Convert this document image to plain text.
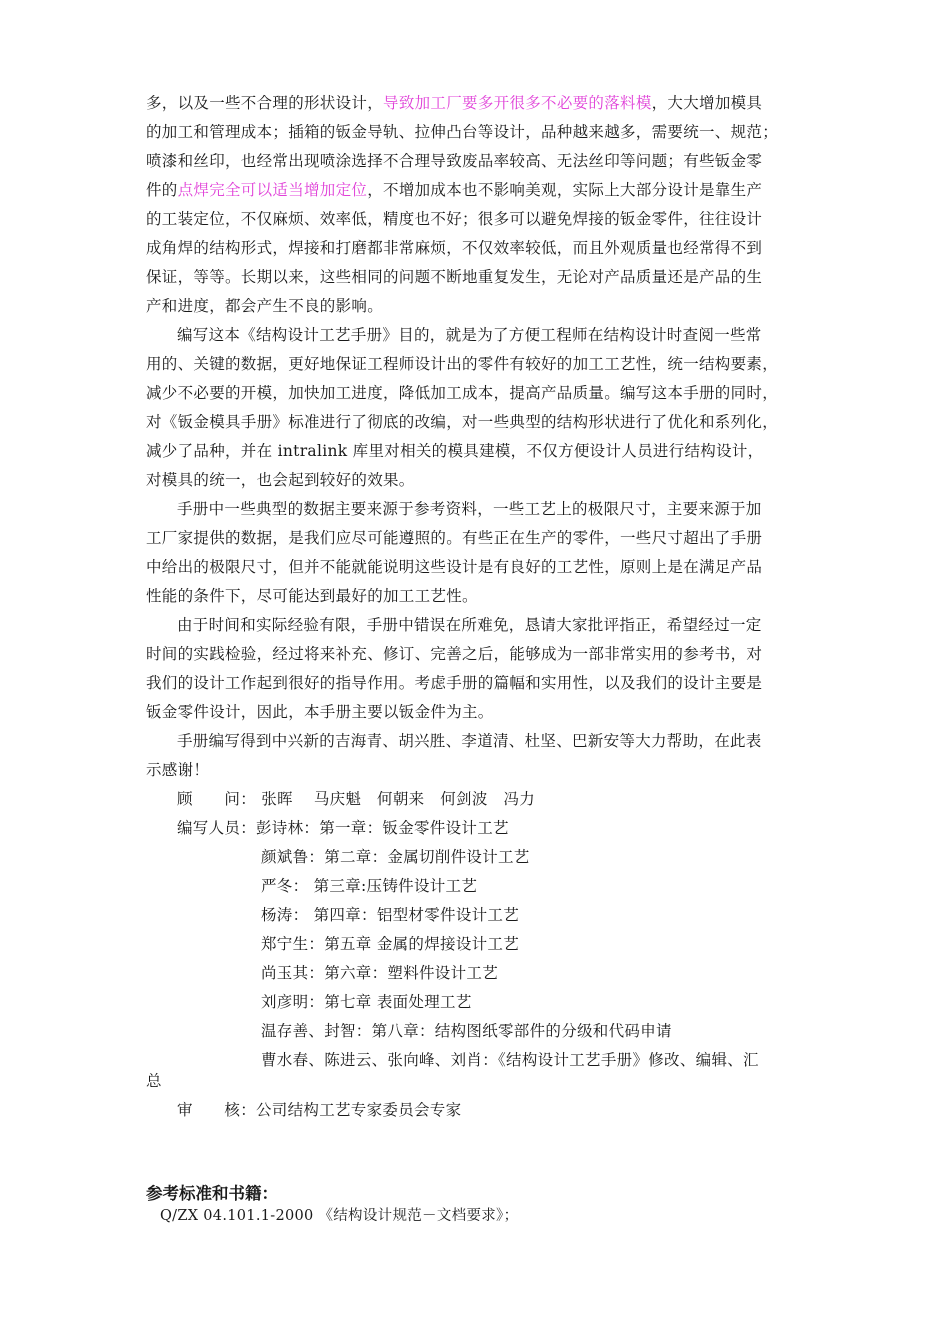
多，以及一些不合理的形状设计，导致加工厂要多开很多不必要的落料模，大大增加模具
的加工和管理成本；插箱的钣金导轨、拉伸凸台等设计，品种越来越多，需要统一、规范；
喷漆和丝印，也经常出现喷涂选择不合理导致废品率较高、无法丝印等问题；有些钣金零
件的点焊完全可以适当增加定位，不增加成本也不影响美观，实际上大部分设计是靠生产
的工装定位，不仅麻烦、效率低，精度也不好；很多可以避免焊接的钣金零件，往往设计
成角焊的结构形式，焊接和打磨都非常麻烦，不仅效率较低，而且外观质量也经常得不到
保证，等等。长期以来，这些相同的问题不断地重复发生，无论对产品质量还是产品的生
产和进度，都会产生不良的影响。
编写这本《结构设计工艺手册》目的，就是为了方便工程师在结构设计时查阅一些常
用的、关键的数据，更好地保证工程师设计出的零件有较好的加工工艺性，统一结构要素，
减少不必要的开模，加快加工进度，降低加工成本，提高产品质量。编写这本手册的同时，
对《钣金模具手册》标准进行了彻底的改编，对一些典型的结构形状进行了优化和系列化，
减少了品种，并在 intralink 库里对相关的模具建模，不仅方便设计人员进行结构设计，
对模具的统一，也会起到较好的效果。
手册中一些典型的数据主要来源于参考资料，一些工艺上的极限尺寸，主要来源于加
工厂家提供的数据，是我们应尽可能遵照的。有些正在生产的零件，一些尺寸超出了手册
中给出的极限尺寸，但并不能就能说明这些设计是有良好的工艺性，原则上是在满足产品
性能的条件下，尽可能达到最好的加工工艺性。
由于时间和实际经验有限，手册中错误在所难免，恳请大家批评指正，希望经过一定
时间的实践检验，经过将来补充、修订、完善之后，能够成为一部非常实用的参考书，对
我们的设计工作起到很好的指导作用。考虑手册的篇幅和实用性，以及我们的设计主要是
钣金零件设计，因此，本手册主要以钣金件为主。
手册编写得到中兴新的吉海青、胡兴胜、李道清、杜坚、巴新安等大力帮助，在此表
示感谢！
顾　　问： 张晖　 马庆魁　何朝来　何剑波　冯力
编写人员：彭诗林：第一章：钣金零件设计工艺
颜斌鲁：第二章：金属切削件设计工艺
严冬： 第三章:压铸件设计工艺
杨涛： 第四章：铝型材零件设计工艺
郑宁生：第五章 金属的焊接设计工艺
尚玉其：第六章：塑料件设计工艺
刘彦明：第七章 表面处理工艺
温存善、封智：第八章：结构图纸零部件的分级和代码申请
曹水春、陈进云、张向峰、刘肖：《结构设计工艺手册》修改、编辑、汇
总
审　　核：公司结构工艺专家委员会专家
参考标准和书籍：
Q/ZX 04.101.1-2000 《结构设计规范－文档要求》；
